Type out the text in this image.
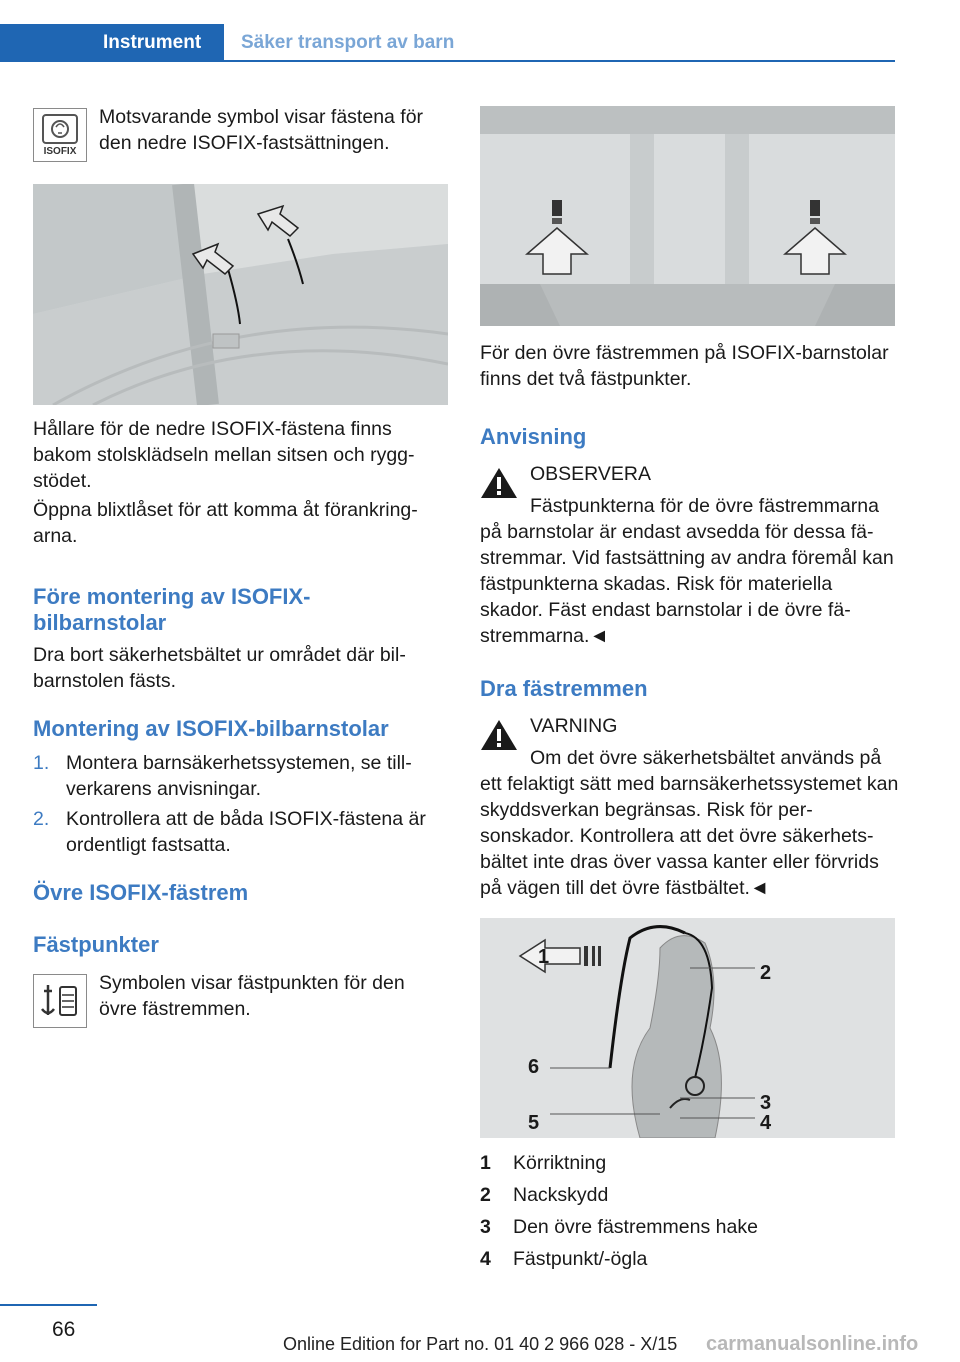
Instrument	Säker transport av barn
ISOFIX
Motsvarande symbol visar fästena för den nedre ISOFIX-fastsättningen.
Hållare för de nedre ISOFIX-fästena finns bakom stolsklädseln mellan sitsen och ryggstödet.
Öppna blixtlåset för att komma åt förankringarna.
Före montering av ISOFIX-bilbarnstolar
Dra bort säkerhetsbältet ur området där bilbarnstolen fästs.
Montering av ISOFIX-bilbarnstolar
1. Montera barnsäkerhetssystemen, se tillverkarens anvisningar.
2. Kontrollera att de båda ISOFIX-fästena är ordentligt fastsatta.
Övre ISOFIX-fästrem
Fästpunkter
Symbolen visar fästpunkten för den övre fästremmen.
För den övre fästremmen på ISOFIX-barnstolar finns det två fästpunkter.
Anvisning
OBSERVERA
Fästpunkterna för de övre fästremmarna på barnstolar är endast avsedda för dessa fästremmar. Vid fastsättning av andra föremål kan fästpunkterna skadas. Risk för materiella skador. Fäst endast barnstolar i de övre fästremmarna.◄
Dra fästremmen
VARNING
Om det övre säkerhetsbältet används på ett felaktigt sätt med barnsäkerhetssystemet kan skyddsverkan begränsas. Risk för personskador. Kontrollera att det övre säkerhetsbältet inte dras över vassa kanter eller förvrids på vägen till det övre fästbältet.◄
1
2
6
3
5	4
1 Körriktning
2 Nackskydd
3 Den övre fästremmens hake
4 Fästpunkt/-ögla
66
Online Edition for Part no. 01 40 2 966 028 - X/15 carmanualsonline.info
